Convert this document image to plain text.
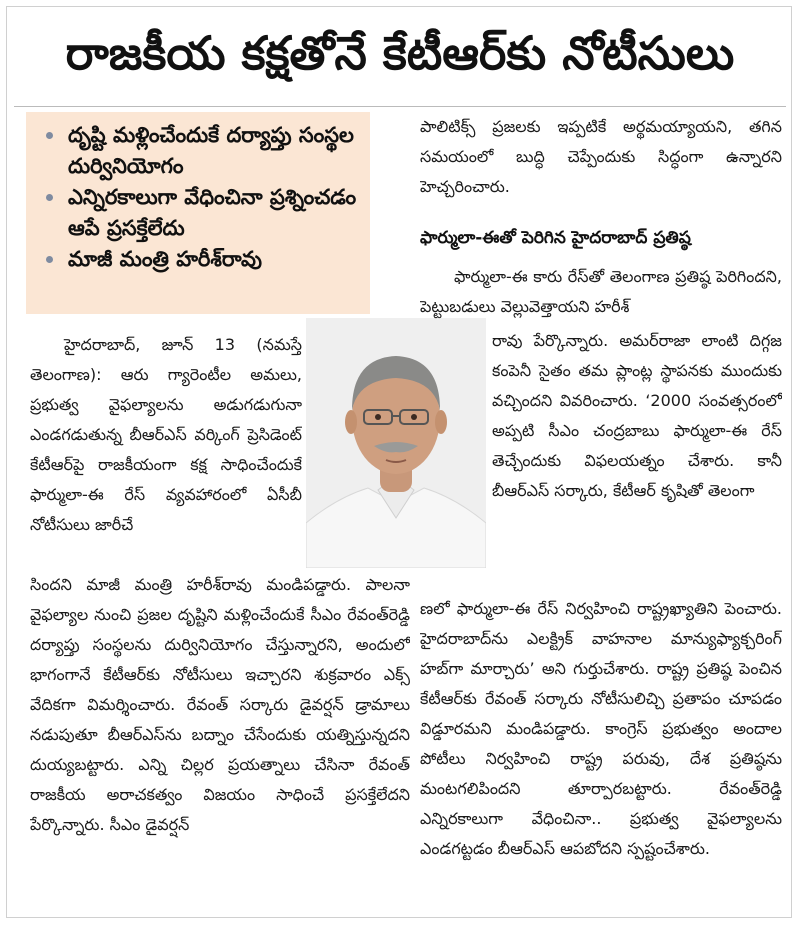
రాజకీయ కక్షతోనే కేటీఆర్‌కు నోటీసులు
దృష్టి మళ్లించేందుకే దర్యాప్తు సంస్థల దుర్వినియోగం
ఎన్నిరకాలుగా వేధించినా ప్రశ్నించడం ఆపే ప్రసక్తేలేదు
మాజీ మంత్రి హరీశ్‌రావు

హైదరాబాద్, జూన్ 13 (నమస్తే తెలంగాణ): ఆరు గ్యారెంటీల అమలు, ప్రభుత్వ వైఫల్యాలను అడుగడుగునా ఎండగడుతున్న బీఆర్‌ఎస్ వర్కింగ్ ప్రెసిడెంట్ కేటీఆర్‌పై రాజకీయంగా కక్ష సాధించేందుకే ఫార్ములా-ఈ రేస్ వ్యవహారంలో ఏసీబీ నోటీసులు జారీచే

సిందని మాజీ మంత్రి హరీశ్‌రావు మండిపడ్డారు. పాలనా వైఫల్యాల నుంచి ప్రజల దృష్టిని మళ్లించేందుకే సీఎం రేవంత్‌రెడ్డి దర్యాప్తు సంస్థలను దుర్వినియోగం చేస్తున్నారని, అందులో భాగంగానే కేటీఆర్‌కు నోటీసులు ఇచ్చారని శుక్రవారం ఎక్స్ వేదికగా విమర్శించారు. రేవంత్ సర్కారు డైవర్షన్ డ్రామాలు నడుపుతూ బీఆర్‌ఎస్‌ను బద్నాం చేసేందుకు యత్నిస్తున్నదని దుయ్యబట్టారు. ఎన్ని చిల్లర ప్రయత్నాలు చేసినా రేవంత్ రాజకీయ అరాచకత్వం విజయం సాధించే ప్రసక్తేలేదని పేర్కొన్నారు. సీఎం డైవర్షన్

పాలిటిక్స్ ప్రజలకు ఇప్పటికే అర్థమయ్యాయని, తగిన సమయంలో బుద్ధి చెప్పేందుకు సిద్ధంగా ఉన్నారని హెచ్చరించారు.

ఫార్ములా-ఈతో పెరిగిన హైదరాబాద్ ప్రతిష్ఠ

ఫార్ములా-ఈ కారు రేస్‌తో తెలంగాణ ప్రతిష్ఠ పెరిగిందని, పెట్టుబడులు వెల్లువెత్తాయని హరీశ్

రావు పేర్కొన్నారు. అమర్‌రాజా లాంటి దిగ్గజ కంపెనీ సైతం తమ ప్లాంట్ల స్థాపనకు ముందుకు వచ్చిందని వివరించారు. ‘2000 సంవత్సరంలో అప్పటి సీఎం చంద్రబాబు ఫార్ములా-ఈ రేస్ తెచ్చేందుకు విఫలయత్నం చేశారు. కానీ బీఆర్‌ఎస్ సర్కారు, కేటీఆర్ కృషితో తెలంగా

ణలో ఫార్ములా-ఈ రేస్ నిర్వహించి రాష్ట్రఖ్యాతిని పెంచారు. హైదరాబాద్‌ను ఎలక్ట్రిక్ వాహనాల మాన్యుఫ్యాక్చరింగ్ హబ్‌గా మార్చారు’ అని గుర్తుచేశారు. రాష్ట్ర ప్రతిష్ఠ పెంచిన కేటీఆర్‌కు రేవంత్ సర్కారు నోటీసులిచ్చి ప్రతాపం చూపడం విడ్డూరమని మండిపడ్డారు. కాంగ్రెస్ ప్రభుత్వం అందాల పోటీలు నిర్వహించి రాష్ట్ర పరువు, దేశ ప్రతిష్ఠను మంటగలిపిందని తూర్పారబట్టారు. రేవంత్‌రెడ్డి ఎన్నిరకాలుగా వేధించినా.. ప్రభుత్వ వైఫల్యాలను ఎండగట్టడం బీఆర్‌ఎస్ ఆపబోదని స్పష్టంచేశారు.
